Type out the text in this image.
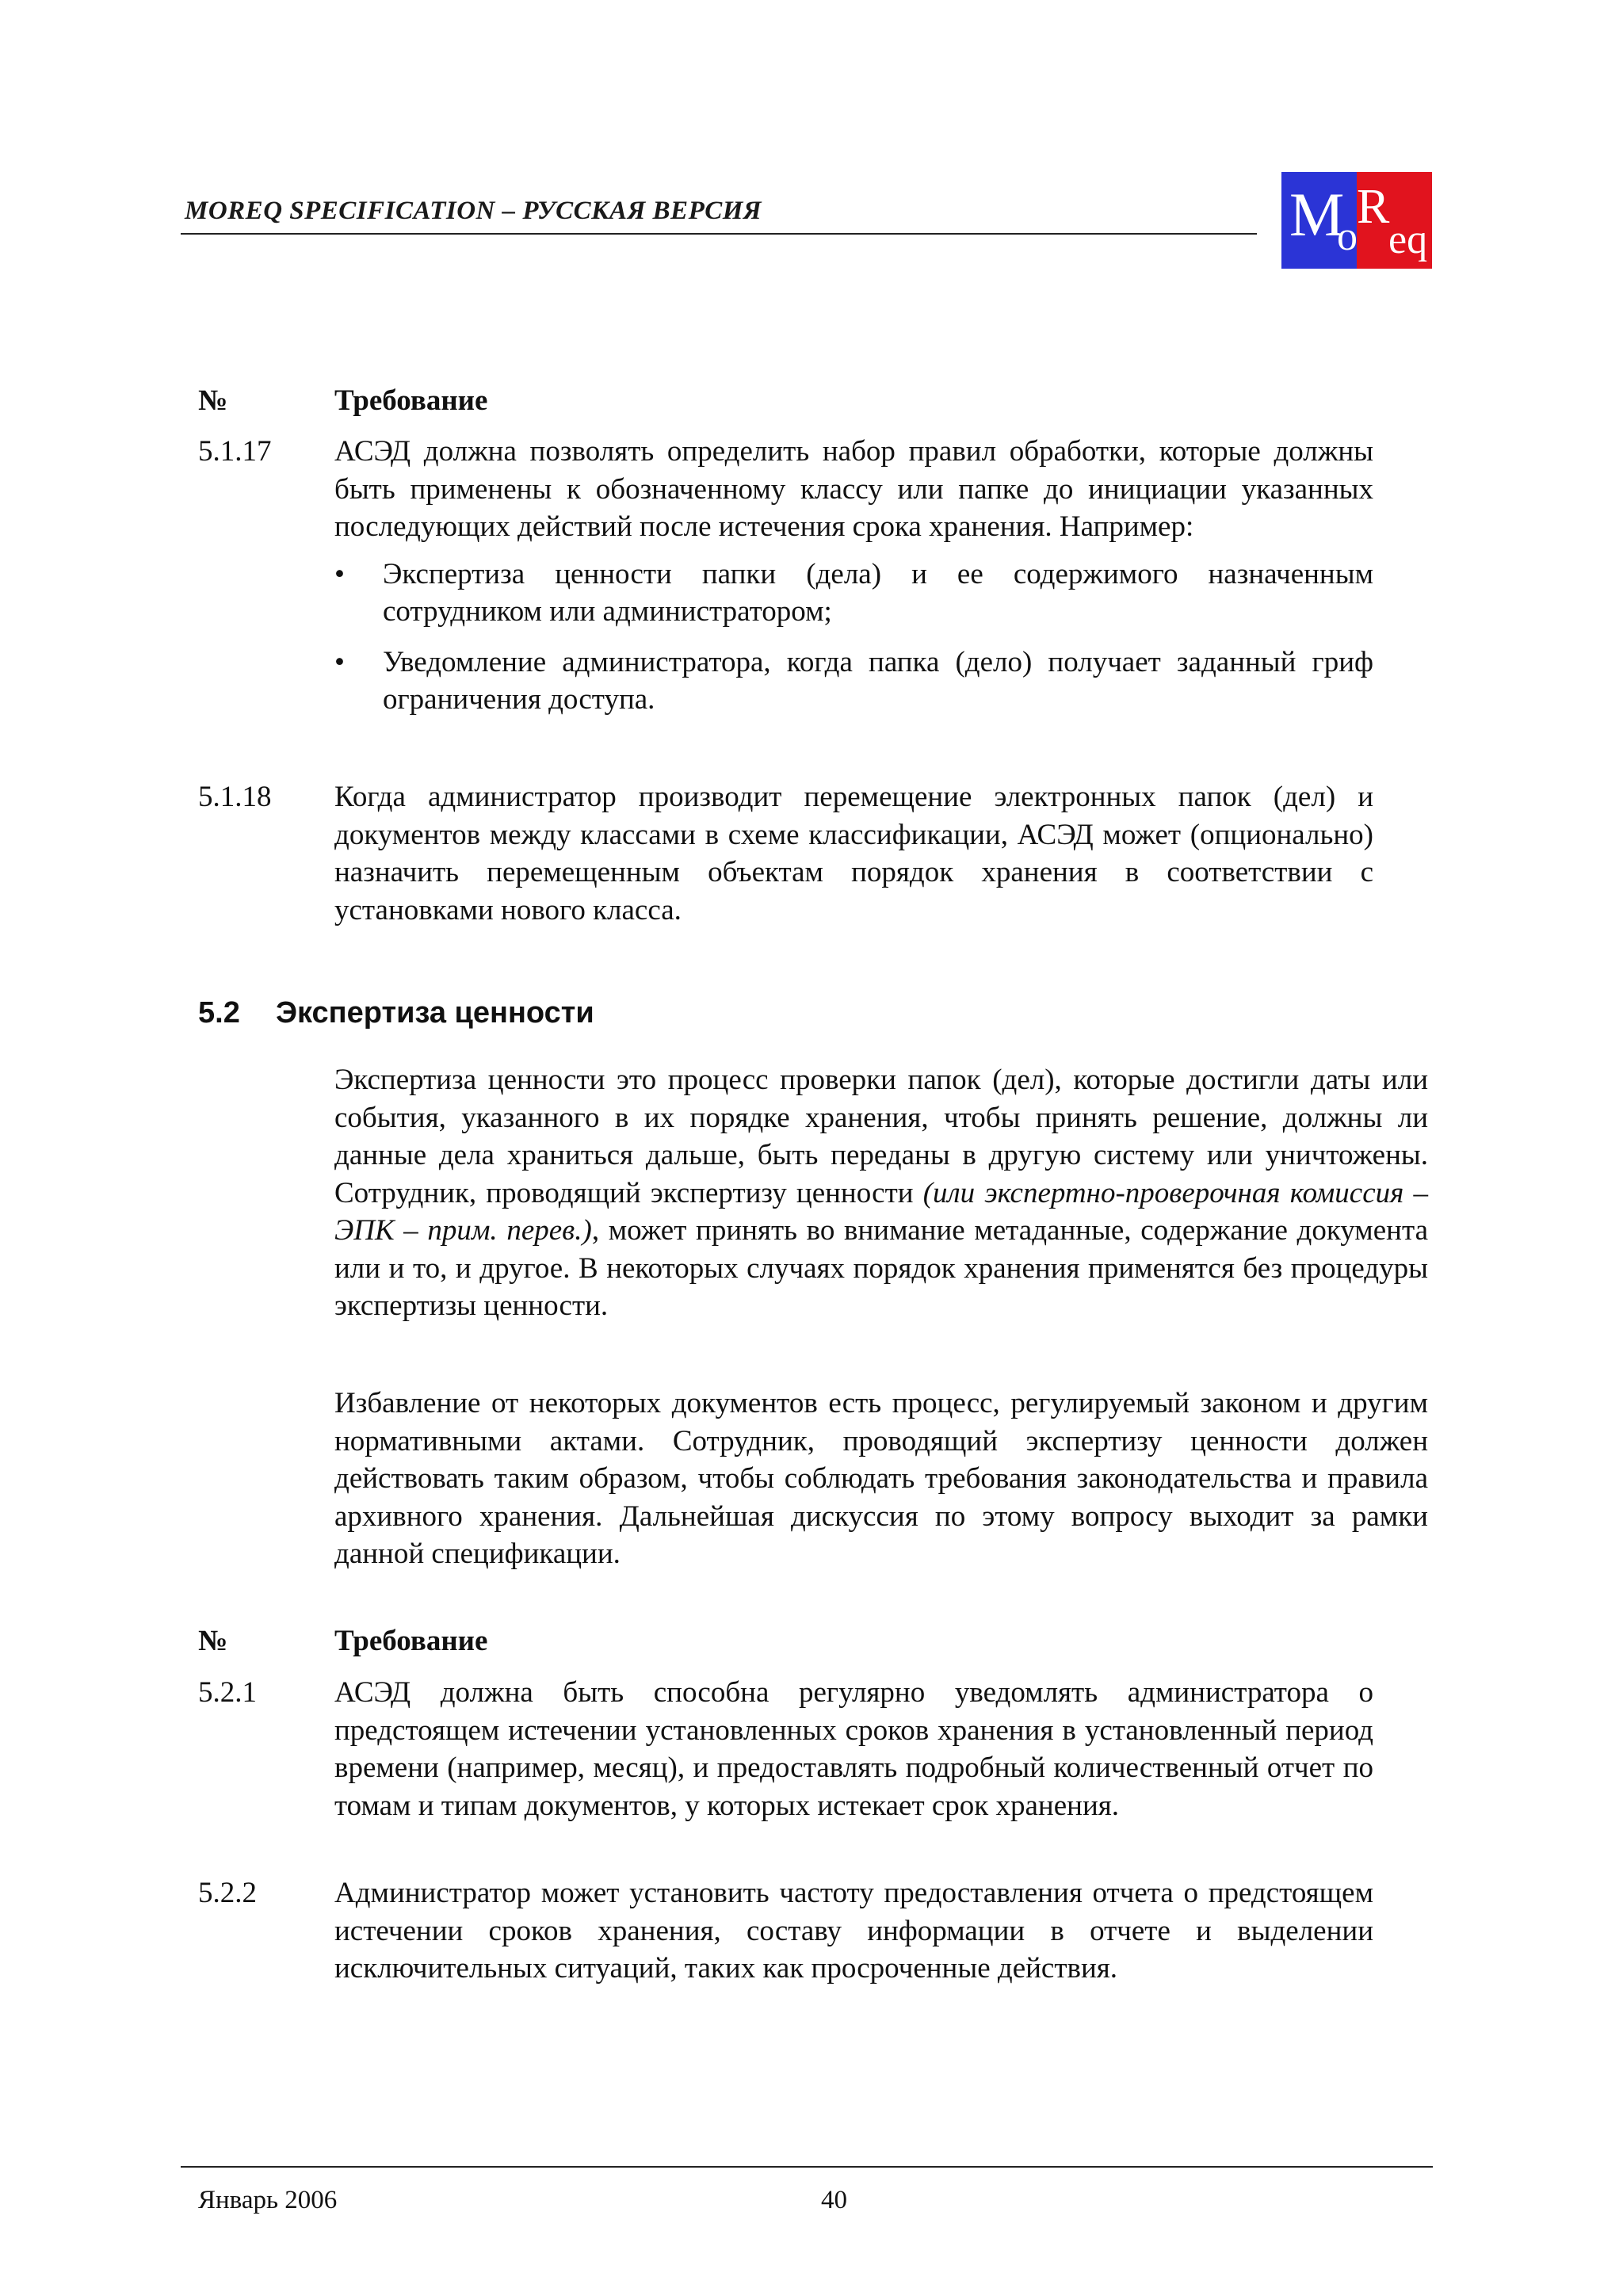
MOREQ SPECIFICATION – РУССКАЯ ВЕРСИЯ	M
o
R
eq
№	Требование
5.1.17 АСЭД должна позволять определить набор правил обработки, которые должны быть применены к обозначенному классу или папке до инициации указанных последующих действий после истечения срока хранения. Например:
• Экспертиза ценности папки (дела) и ее содержимого назначенным сотрудником или администратором;
• Уведомление администратора, когда папка (дело) получает заданный гриф ограничения доступа.
5.1.18 Когда администратор производит перемещение электронных папок (дел) и документов между классами в схеме классификации, АСЭД может (опционально) назначить перемещенным объектам порядок хранения в соответствии с установками нового класса.
5.2 Экспертиза ценности

Экспертиза ценности это процесс проверки папок (дел), которые достигли даты или события, указанного в их порядке хранения, чтобы принять решение, должны ли данные дела храниться дальше, быть переданы в другую систему или уничтожены. Сотрудник, проводящий экспертизу ценности (или экспертно-проверочная комиссия – ЭПК – прим. перев.), может принять во внимание метаданные, содержание документа или и то, и другое. В некоторых случаях порядок хранения применятся без процедуры экспертизы ценности.

Избавление от некоторых документов есть процесс, регулируемый законом и другим нормативными актами. Сотрудник, проводящий экспертизу ценности должен действовать таким образом, чтобы соблюдать требования законодательства и правила архивного хранения. Дальнейшая дискуссия по этому вопросу выходит за рамки данной спецификации.

№	Требование
5.2.1	АСЭД должна быть способна регулярно уведомлять администратора о предстоящем истечении установленных сроков хранения в установленный период времени (например, месяц), и предоставлять подробный количественный отчет по томам и типам документов, у которых истекает срок хранения.
5.2.2	Администратор может установить частоту предоставления отчета о предстоящем истечении сроков хранения, составу информации в отчете и выделении исключительных ситуаций, таких как просроченные действия.
Январь 2006	40
